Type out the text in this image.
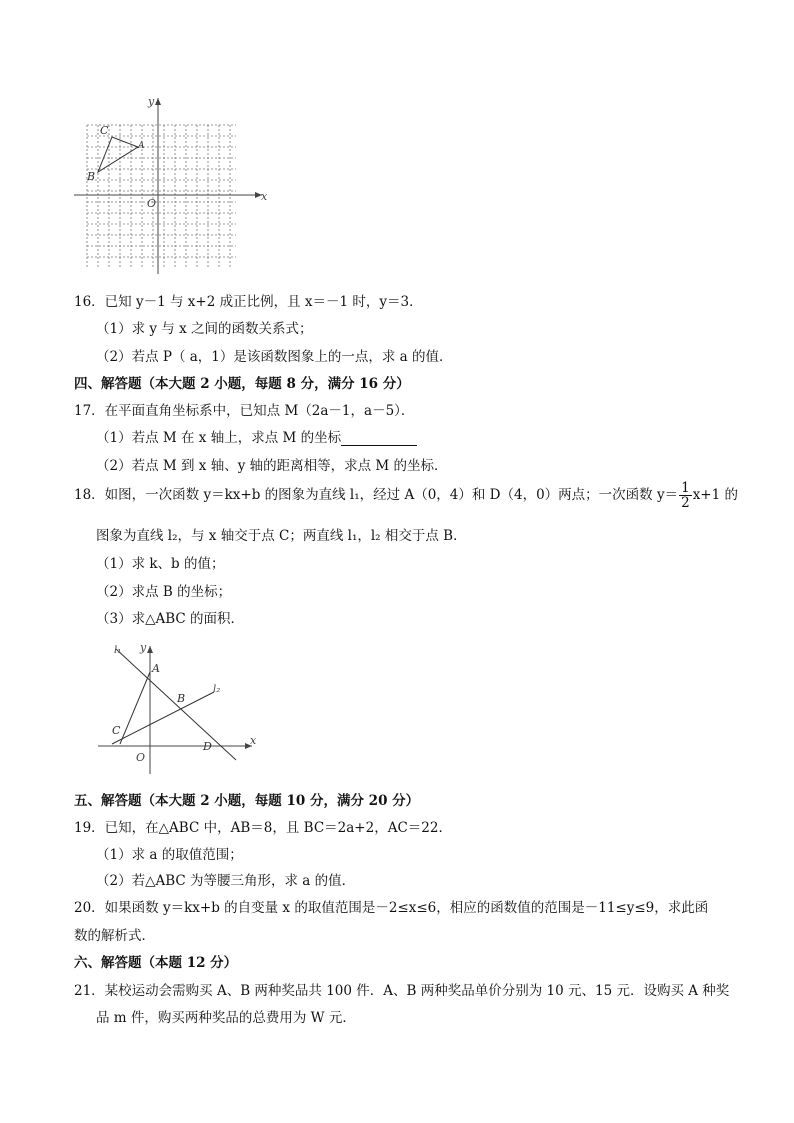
x
y
O
C
A
B
16．已知 y－1 与 x+2 成正比例，且 x＝－1 时，y＝3．
（1）求 y 与 x 之间的函数关系式；
（2）若点 P（ a，1）是该函数图象上的一点，求 a 的值．
四、解答题（本大题 2 小题，每题 8 分，满分 16 分）
17．在平面直角坐标系中，已知点 M（2a－1，a－5）．
（1）若点 M 在 x 轴上，求点 M 的坐标
（2）若点 M 到 x 轴、y 轴的距离相等，求点 M 的坐标．
18．如图，一次函数 y＝kx+b 的图象为直线 l₁，经过 A（0，4）和 D（4，0）两点；一次函数 $y= \frac{1}{2} x+1$ 的
图象为直线 l₂，与 x 轴交于点 C；两直线 l₁，l₂ 相交于点 B．
（1）求 k、b 的值；
（2）求点 B 的坐标；
（3）求△ABC 的面积．
x
y
O
l₁
l₂
A
B
C
D
五、解答题（本大题 2 小题，每题 10 分，满分 20 分）
19．已知，在△ABC 中，AB＝8，且 BC＝2a+2，AC＝22．
（1）求 a 的取值范围；
（2）若△ABC 为等腰三角形，求 a 的值．
20．如果函数 y＝kx+b 的自变量 x 的取值范围是－2≤x≤6，相应的函数值的范围是－11≤y≤9，求此函
数的解析式．
六、解答题（本题 12 分）
21．某校运动会需购买 A、B 两种奖品共 100 件．A、B 两种奖品单价分别为 10 元、15 元．设购买 A 种奖
品 m 件，购买两种奖品的总费用为 W 元．
